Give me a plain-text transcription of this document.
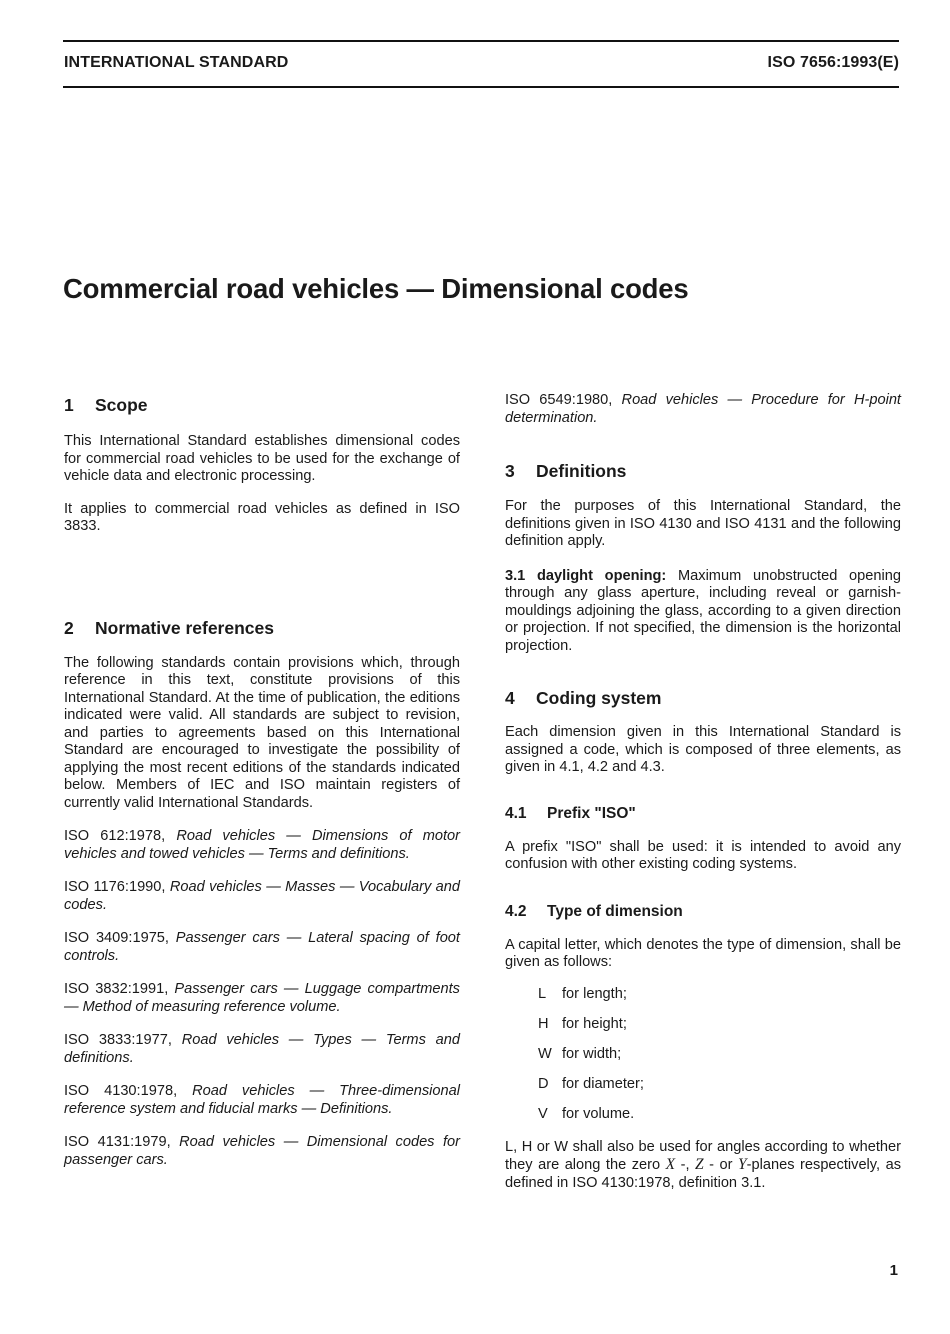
INTERNATIONAL STANDARD	ISO 7656:1993(E)
Commercial road vehicles — Dimensional codes
1 Scope

This International Standard establishes dimensional codes for commercial road vehicles to be used for the exchange of vehicle data and electronic processing.

It applies to commercial road vehicles as defined in ISO 3833.

2 Normative references

The following standards contain provisions which, through reference in this text, constitute provisions of this International Standard. At the time of publication, the editions indicated were valid. All standards are subject to revision, and parties to agreements based on this International Standard are encouraged to investigate the possibility of applying the most recent editions of the standards indicated below. Members of IEC and ISO maintain registers of currently valid International Standards.

ISO 612:1978, Road vehicles — Dimensions of motor vehicles and towed vehicles — Terms and definitions.

ISO 1176:1990, Road vehicles — Masses — Vocabulary and codes.

ISO 3409:1975, Passenger cars — Lateral spacing of foot controls.

ISO 3832:1991, Passenger cars — Luggage compartments — Method of measuring reference volume.

ISO 3833:1977, Road vehicles — Types — Terms and definitions.

ISO 4130:1978, Road vehicles — Three-dimensional reference system and fiducial marks — Definitions.

ISO 4131:1979, Road vehicles — Dimensional codes for passenger cars.

ISO 6549:1980, Road vehicles — Procedure for H-point determination.

3 Definitions

For the purposes of this International Standard, the definitions given in ISO 4130 and ISO 4131 and the following definition apply.

3.1 daylight opening: Maximum unobstructed opening through any glass aperture, including reveal or garnish-mouldings adjoining the glass, according to a given direction or projection. If not specified, the dimension is the horizontal projection.

4 Coding system

Each dimension given in this International Standard is assigned a code, which is composed of three elements, as given in 4.1, 4.2 and 4.3.

4.1 Prefix "ISO"

A prefix "ISO" shall be used: it is intended to avoid any confusion with other existing coding systems.

4.2 Type of dimension

A capital letter, which denotes the type of dimension, shall be given as follows:

L for length;
H for height;
W for width;
D for diameter;
V for volume.

L, H or W shall also be used for angles according to whether they are along the zero X -, Z - or Y-planes respectively, as defined in ISO 4130:1978, definition 3.1.

1
